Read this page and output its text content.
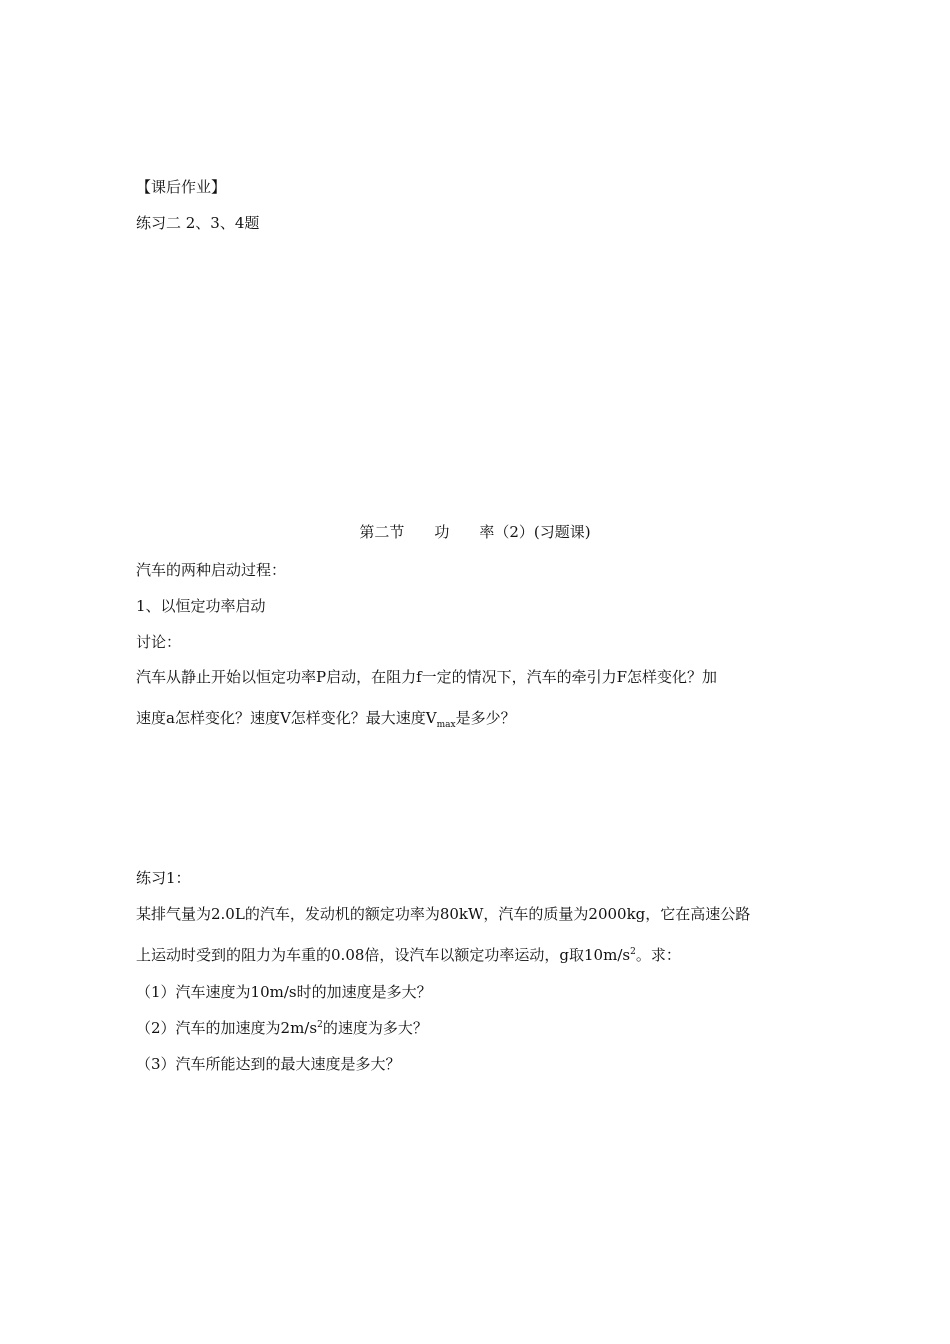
【课后作业】
练习二 2、3、4题
第二节 功 率（2）(习题课)
汽车的两种启动过程：
1、以恒定功率启动
讨论：
汽车从静止开始以恒定功率P启动，在阻力f一定的情况下，汽车的牵引力F怎样变化？加
速度a怎样变化？速度V怎样变化？最大速度$V_{max}$是多少？
练习1：
某排气量为2.0L的汽车，发动机的额定功率为80kW，汽车的质量为2000kg，它在高速公路
上运动时受到的阻力为车重的0.08倍，设汽车以额定功率运动，g取$10m/s^2$。求：
（1）汽车速度为10m/s时的加速度是多大？
（2）汽车的加速度为$2m/s^2$的速度为多大？
（3）汽车所能达到的最大速度是多大？
